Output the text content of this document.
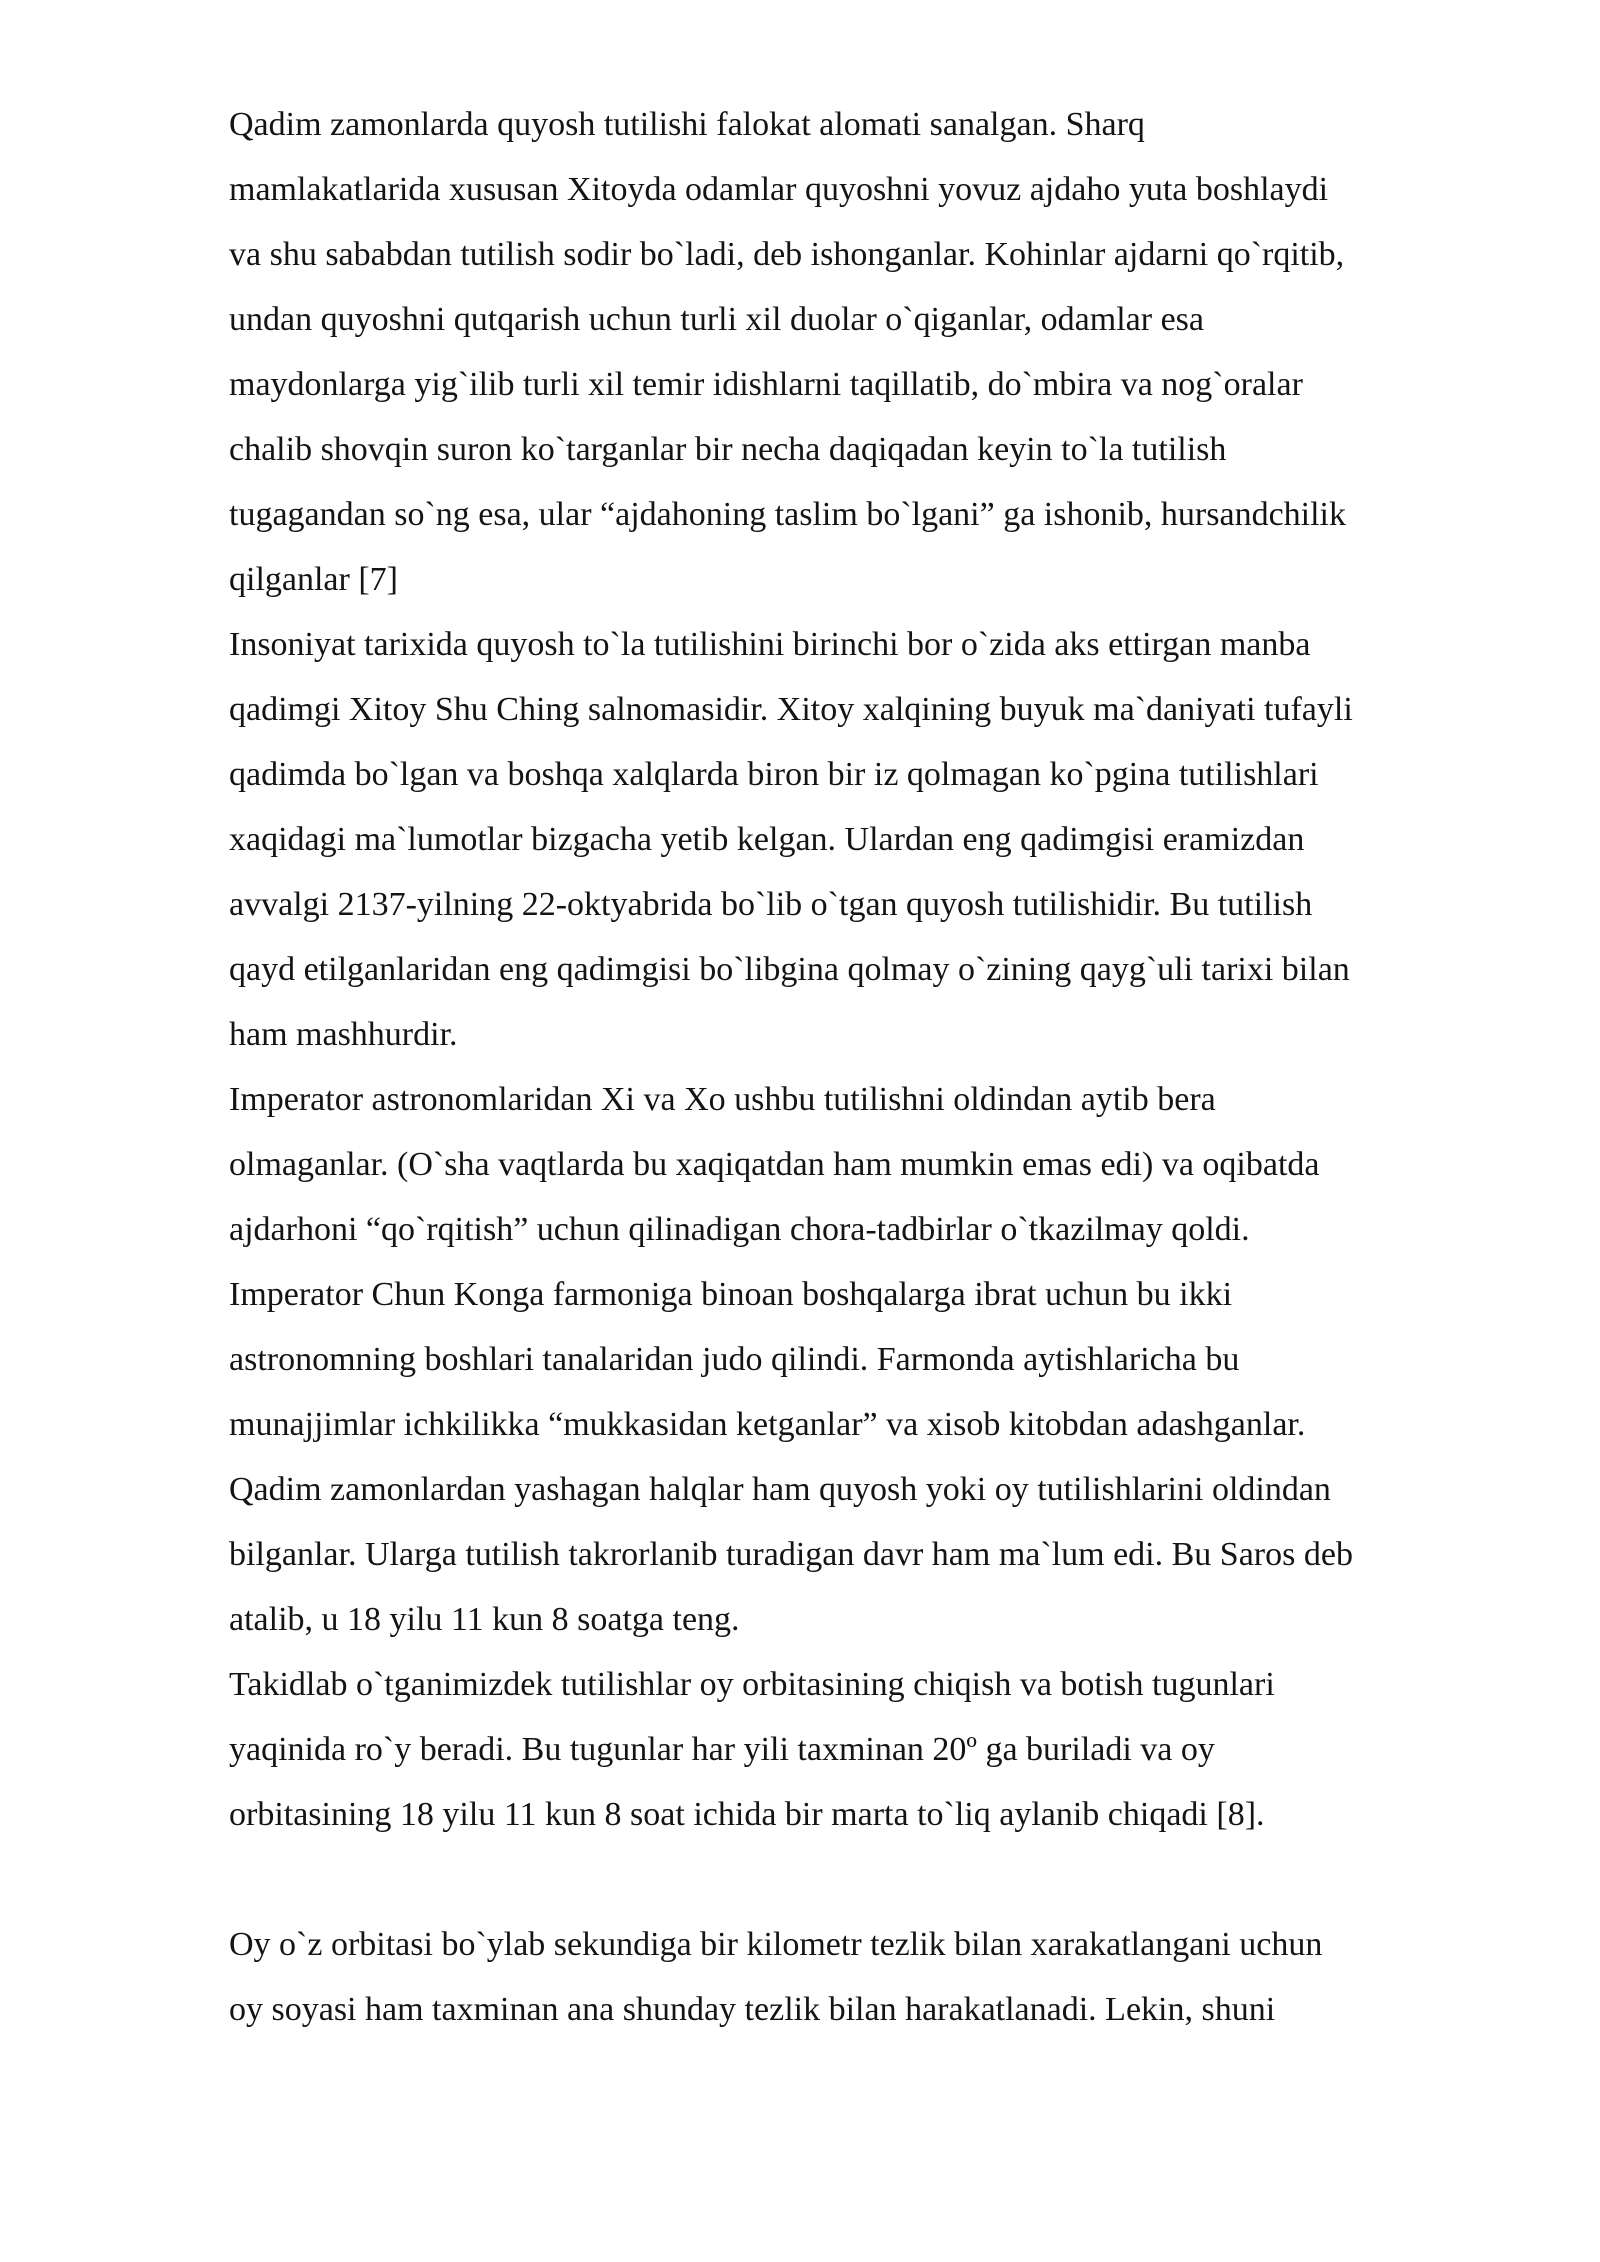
Qadim zamonlarda quyosh tutilishi falokat alomati sanalgan. Sharq
mamlakatlarida xususan Xitoyda odamlar quyoshni yovuz ajdaho yuta boshlaydi
va shu sababdan tutilish sodir bo`ladi, deb ishonganlar. Kohinlar ajdarni qo`rqitib,
undan quyoshni qutqarish uchun turli xil duolar o`qiganlar, odamlar esa
maydonlarga yig`ilib turli xil temir idishlarni taqillatib, do`mbira va nog`oralar
chalib shovqin suron ko`targanlar bir necha daqiqadan keyin to`la tutilish
tugagandan so`ng esa, ular “ajdahoning taslim bo`lgani” ga ishonib, hursandchilik
qilganlar [7]
Insoniyat tarixida quyosh to`la tutilishini birinchi bor o`zida aks ettirgan manba
qadimgi Xitoy Shu Ching salnomasidir. Xitoy xalqining buyuk ma`daniyati tufayli
qadimda bo`lgan va boshqa xalqlarda biron bir iz qolmagan ko`pgina tutilishlari
xaqidagi ma`lumotlar bizgacha yetib kelgan. Ulardan eng qadimgisi eramizdan
avvalgi 2137-yilning 22-oktyabrida bo`lib o`tgan quyosh tutilishidir. Bu tutilish
qayd etilganlaridan eng qadimgisi bo`libgina qolmay o`zining qayg`uli tarixi bilan
ham mashhurdir.
Imperator astronomlaridan Xi va Xo ushbu tutilishni oldindan aytib bera
olmaganlar. (O`sha vaqtlarda bu xaqiqatdan ham mumkin emas edi) va oqibatda
ajdarhoni “qo`rqitish” uchun qilinadigan chora-tadbirlar o`tkazilmay qoldi.
Imperator Chun Konga farmoniga binoan boshqalarga ibrat uchun bu ikki
astronomning boshlari tanalaridan judo qilindi. Farmonda aytishlaricha bu
munajjimlar ichkilikka “mukkasidan ketganlar” va xisob kitobdan adashganlar.
Qadim zamonlardan yashagan halqlar ham quyosh yoki oy tutilishlarini oldindan
bilganlar. Ularga tutilish takrorlanib turadigan davr ham ma`lum edi. Bu Saros deb
atalib, u 18 yilu 11 kun 8 soatga teng.
Takidlab o`tganimizdek tutilishlar oy orbitasining chiqish va botish tugunlari
yaqinida ro`y beradi. Bu tugunlar har yili taxminan 20º ga buriladi va oy
orbitasining 18 yilu 11 kun 8 soat ichida bir marta to`liq aylanib chiqadi [8].
Oy o`z orbitasi bo`ylab sekundiga bir kilometr tezlik bilan xarakatlangani uchun
oy soyasi ham taxminan ana shunday tezlik bilan harakatlanadi. Lekin, shuni
